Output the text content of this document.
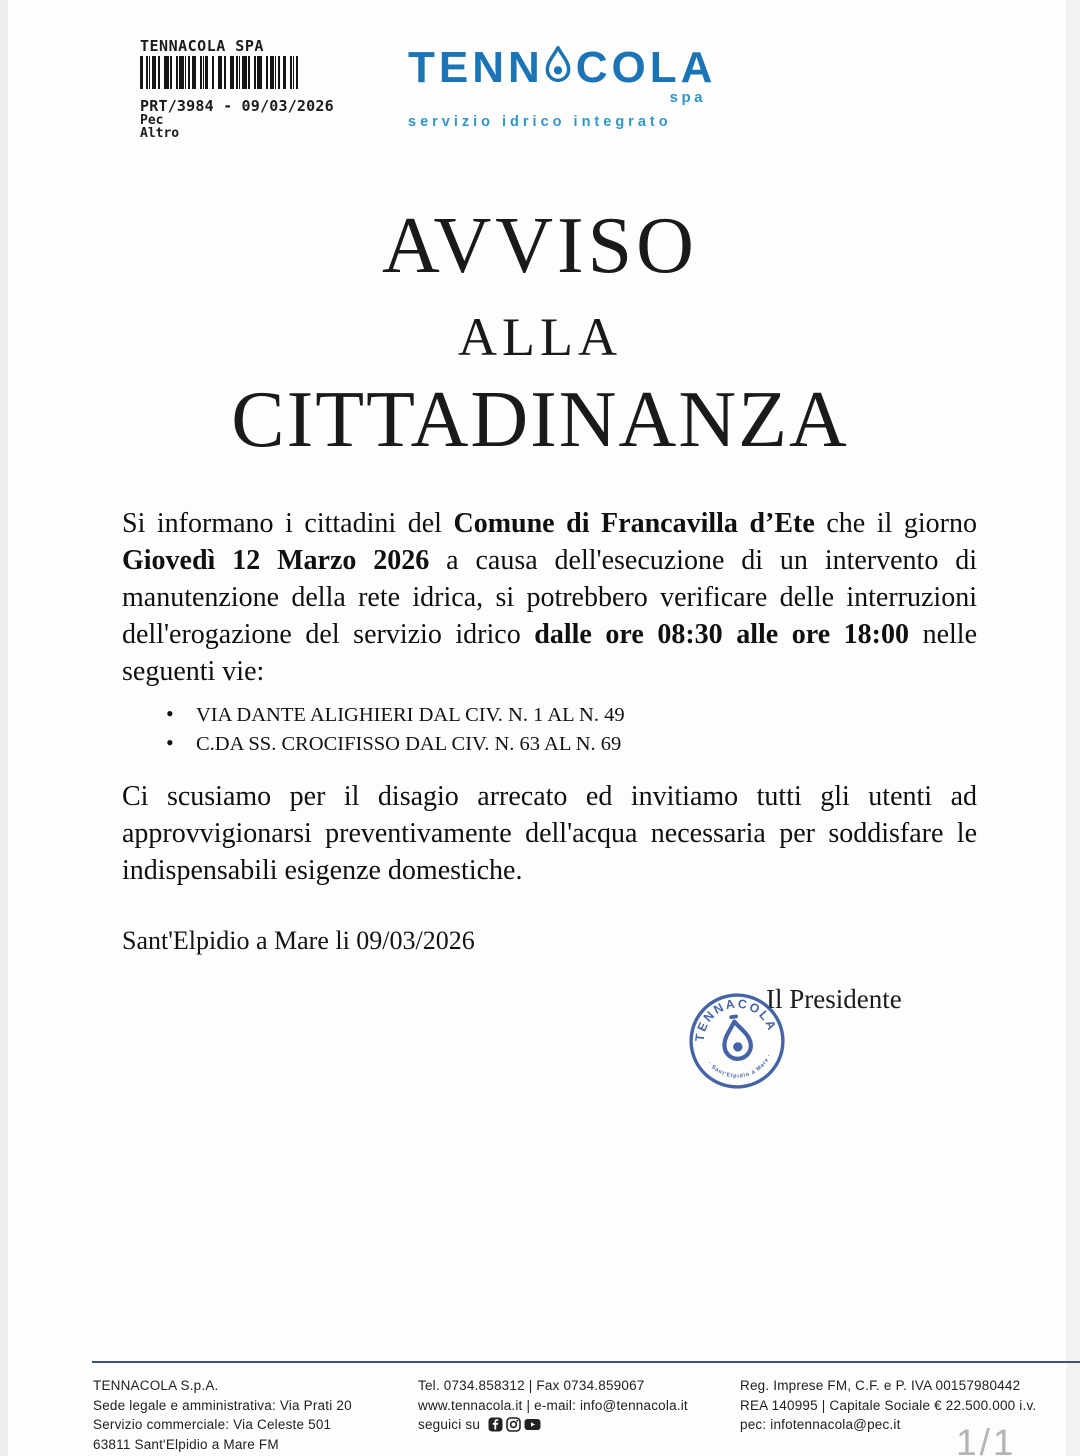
TENNACOLA SPA
PRT/3984 - 09/03/2026
Pec
Altro
TENN COLA
spa
servizio idrico integrato
AVVISO
ALLA
CITTADINANZA
Si informano i cittadini del Comune di Francavilla d’Ete che il giorno Giovedì 12 Marzo 2026 a causa dell'esecuzione di un intervento di manutenzione della rete idrica, si potrebbero verificare delle interruzioni dell'erogazione del servizio idrico dalle ore 08:30 alle ore 18:00 nelle seguenti vie:
•	VIA DANTE ALIGHIERI DAL CIV. N. 1 AL N. 49
•	C.DA SS. CROCIFISSO DAL CIV. N. 63 AL N. 69
Ci scusiamo per il disagio arrecato ed invitiamo tutti gli utenti ad approvvigionarsi preventivamente dell'acqua necessaria per soddisfare le indispensabili esigenze domestiche.
Sant'Elpidio a Mare li 09/03/2026
Il Presidente
TENNACOLA
· Sant'Elpidio a Mare ·
TENNACOLA S.p.A.
Sede legale e amministrativa: Via Prati 20
Servizio commerciale: Via Celeste 501
63811 Sant'Elpidio a Mare FM
Tel. 0734.858312 | Fax 0734.859067
www.tennacola.it | e-mail: info@tennacola.it
seguici su
Reg. Imprese FM, C.F. e P. IVA 00157980442
REA 140995 | Capitale Sociale € 22.500.000 i.v.
pec: infotennacola@pec.it	1/1
